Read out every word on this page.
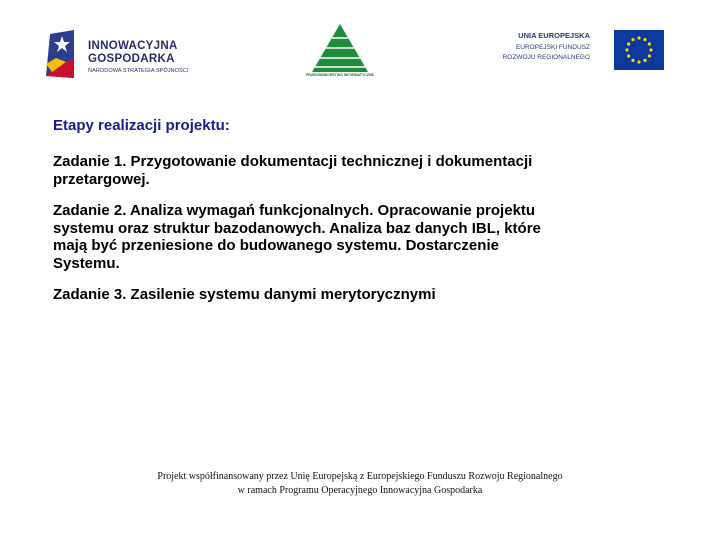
INNOWACYJNA
GOSPODARKA
NARODOWA STRATEGIA SPÓJNOŚCI
PRZEDSIĘBIORSTWO INFORMATYCZNE
UNIA EUROPEJSKA
EUROPEJSKI FUNDUSZ
ROZWOJU REGIONALNEGO

Etapy realizacji projektu:

Zadanie 1. Przygotowanie dokumentacji technicznej i dokumentacji przetargowej.

Zadanie 2. Analiza wymagań funkcjonalnych. Opracowanie projektu systemu oraz struktur bazodanowych. Analiza baz danych IBL, które mają być przeniesione do budowanego systemu. Dostarczenie Systemu.

Zadanie 3. Zasilenie systemu danymi merytorycznymi

Projekt współfinansowany przez Unię Europejską z Europejskiego Funduszu Rozwoju Regionalnego
w ramach Programu Operacyjnego Innowacyjna Gospodarka
